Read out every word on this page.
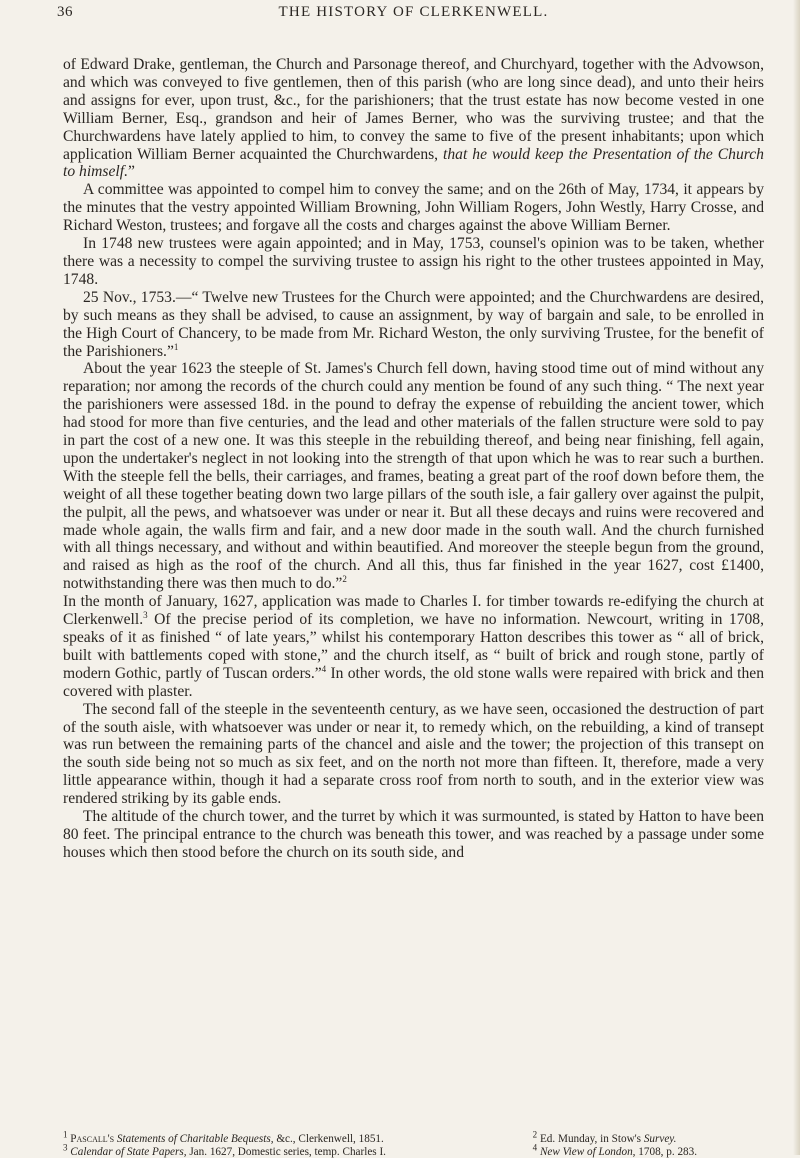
36	THE HISTORY OF CLERKENWELL.

of Edward Drake, gentleman, the Church and Parsonage thereof, and Churchyard, together with the Advowson, and which was conveyed to five gentlemen, then of this parish (who are long since dead), and unto their heirs and assigns for ever, upon trust, &c., for the parishioners; that the trust estate has now become vested in one William Berner, Esq., grandson and heir of James Berner, who was the surviving trustee; and that the Churchwardens have lately applied to him, to convey the same to five of the present inhabitants; upon which application William Berner acquainted the Churchwardens, that he would keep the Presentation of the Church to himself.”

A committee was appointed to compel him to convey the same; and on the 26th of May, 1734, it appears by the minutes that the vestry appointed William Browning, John William Rogers, John Westly, Harry Crosse, and Richard Weston, trustees; and forgave all the costs and charges against the above William Berner.

In 1748 new trustees were again appointed; and in May, 1753, counsel's opinion was to be taken, whether there was a necessity to compel the surviving trustee to assign his right to the other trustees appointed in May, 1748.

25 Nov., 1753.—“ Twelve new Trustees for the Church were appointed; and the Churchwardens are desired, by such means as they shall be advised, to cause an assignment, by way of bargain and sale, to be enrolled in the High Court of Chancery, to be made from Mr. Richard Weston, the only surviving Trustee, for the benefit of the Parishioners.”$^1$

About the year 1623 the steeple of St. James's Church fell down, having stood time out of mind without any reparation; nor among the records of the church could any mention be found of any such thing. “ The next year the parishioners were assessed 18d. in the pound to defray the expense of rebuilding the ancient tower, which had stood for more than five centuries, and the lead and other materials of the fallen structure were sold to pay in part the cost of a new one. It was this steeple in the rebuilding thereof, and being near finishing, fell again, upon the undertaker's neglect in not looking into the strength of that upon which he was to rear such a burthen. With the steeple fell the bells, their carriages, and frames, beating a great part of the roof down before them, the weight of all these together beating down two large pillars of the south isle, a fair gallery over against the pulpit, the pulpit, all the pews, and whatsoever was under or near it. But all these decays and ruins were recovered and made whole again, the walls firm and fair, and a new door made in the south wall. And the church furnished with all things necessary, and without and within beautified. And moreover the steeple begun from the ground, and raised as high as the roof of the church. And all this, thus far finished in the year 1627, cost £1400, notwithstanding there was then much to do.”$^2$

In the month of January, 1627, application was made to Charles I. for timber towards re-edifying the church at Clerkenwell.$^3$ Of the precise period of its completion, we have no information. Newcourt, writing in 1708, speaks of it as finished “ of late years,” whilst his contemporary Hatton describes this tower as “ all of brick, built with battlements coped with stone,” and the church itself, as “ built of brick and rough stone, partly of modern Gothic, partly of Tuscan orders.”$^4$ In other words, the old stone walls were repaired with brick and then covered with plaster.

The second fall of the steeple in the seventeenth century, as we have seen, occasioned the destruction of part of the south aisle, with whatsoever was under or near it, to remedy which, on the rebuilding, a kind of transept was run between the remaining parts of the chancel and aisle and the tower; the projection of this transept on the south side being not so much as six feet, and on the north not more than fifteen. It, therefore, made a very little appearance within, though it had a separate cross roof from north to south, and in the exterior view was rendered striking by its gable ends.

The altitude of the church tower, and the turret by which it was surmounted, is stated by Hatton to have been 80 feet. The principal entrance to the church was beneath this tower, and was reached by a passage under some houses which then stood before the church on its south side, and

$^1$ Pascall's Statements of Charitable Bequests, &c., Clerkenwell, 1851.
$^3$ Calendar of State Papers, Jan. 1627, Domestic series, temp. Charles I.
$^2$ Ed. Munday, in Stow's Survey.
$^4$ New View of London, 1708, p. 283.
